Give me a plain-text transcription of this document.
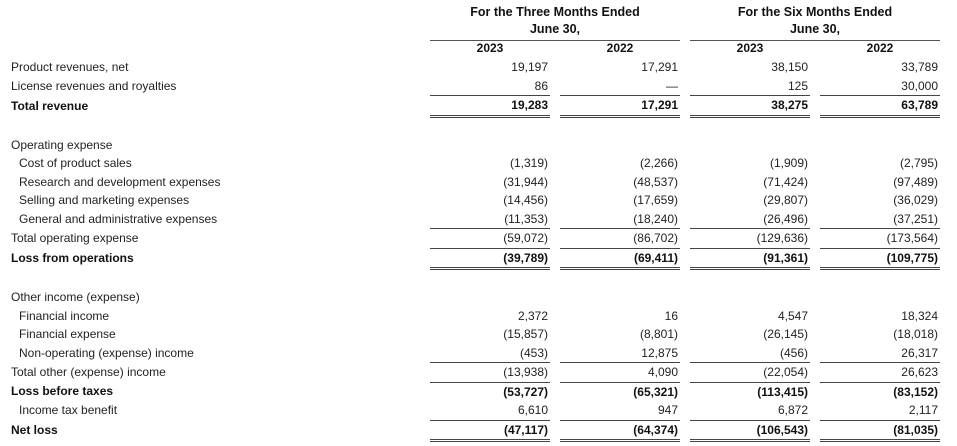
For the Three Months Ended
June 30,
For the Six Months Ended
June 30,
2023	2022	2023	2022
Product revenues, net	19,197		17,291		38,150		33,789
License revenues and royalties	86		—		125		30,000
Total revenue	19,283		17,291		38,275		63,789

Operating expense							
Cost of product sales	(1,319)		(2,266)		(1,909)		(2,795)
Research and development expenses	(31,944)		(48,537)		(71,424)		(97,489)
Selling and marketing expenses	(14,456)		(17,659)		(29,807)		(36,029)
General and administrative expenses	(11,353)		(18,240)		(26,496)		(37,251)
Total operating expense	(59,072)		(86,702)		(129,636)		(173,564)
Loss from operations	(39,789)		(69,411)		(91,361)		(109,775)

Other income (expense)							
Financial income	2,372		16		4,547		18,324
Financial expense	(15,857)		(8,801)		(26,145)		(18,018)
Non-operating (expense) income	(453)		12,875		(456)		26,317
Total other (expense) income	(13,938)		4,090		(22,054)		26,623
Loss before taxes	(53,727)		(65,321)		(113,415)		(83,152)
Income tax benefit	6,610		947		6,872		2,117
Net loss	(47,117)		(64,374)		(106,543)		(81,035)
